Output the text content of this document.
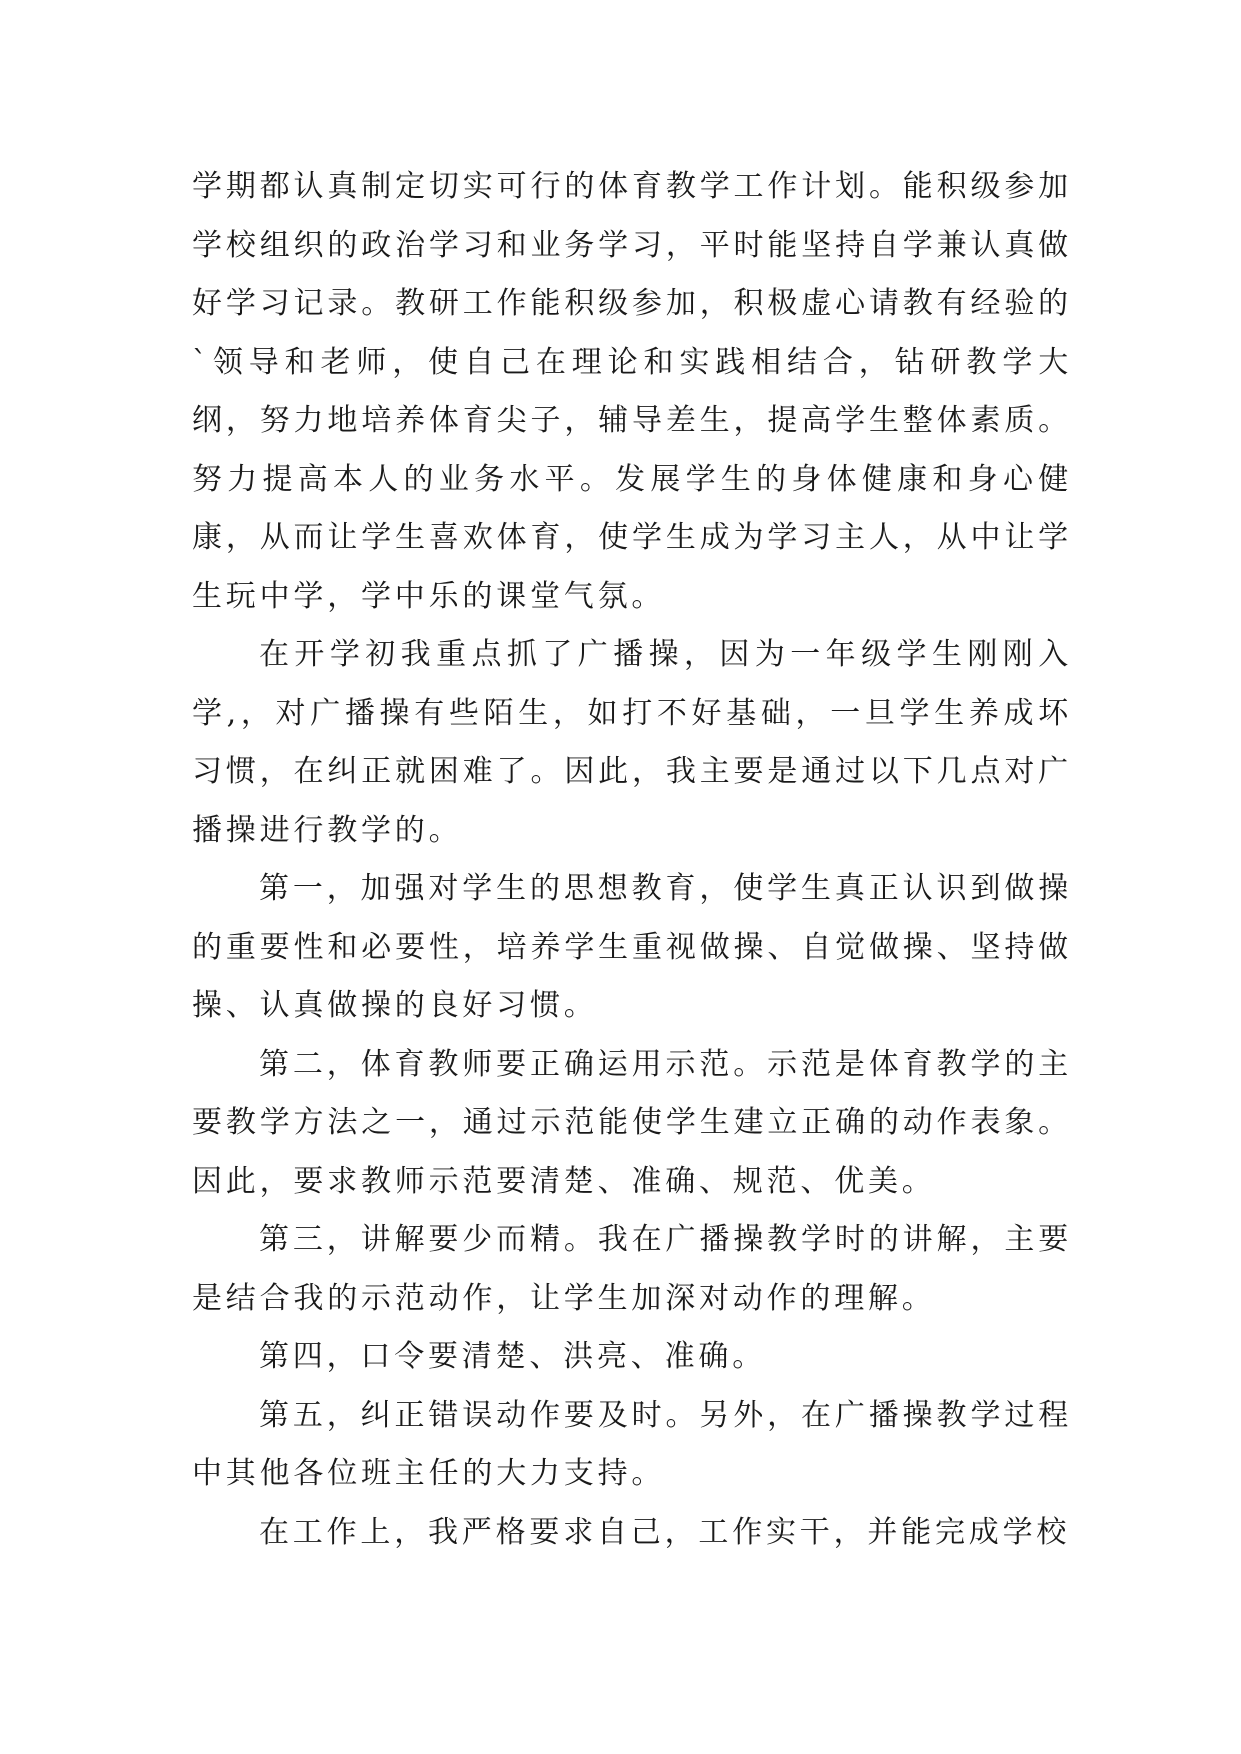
学期都认真制定切实可行的体育教学工作计划。能积级参加学校组织的政治学习和业务学习，平时能坚持自学兼认真做好学习记录。教研工作能积级参加，积极虚心请教有经验的`领导和老师，使自己在理论和实践相结合，钻研教学大纲，努力地培养体育尖子，辅导差生，提高学生整体素质。努力提高本人的业务水平。发展学生的身体健康和身心健康，从而让学生喜欢体育，使学生成为学习主人，从中让学生玩中学，学中乐的课堂气氛。

在开学初我重点抓了广播操，因为一年级学生刚刚入学,，对广播操有些陌生，如打不好基础，一旦学生养成坏习惯，在纠正就困难了。因此，我主要是通过以下几点对广播操进行教学的。

第一，加强对学生的思想教育，使学生真正认识到做操的重要性和必要性，培养学生重视做操、自觉做操、坚持做操、认真做操的良好习惯。

第二，体育教师要正确运用示范。示范是体育教学的主要教学方法之一，通过示范能使学生建立正确的动作表象。因此，要求教师示范要清楚、准确、规范、优美。

第三，讲解要少而精。我在广播操教学时的讲解，主要是结合我的示范动作，让学生加深对动作的理解。

第四，口令要清楚、洪亮、准确。

第五，纠正错误动作要及时。另外，在广播操教学过程中其他各位班主任的大力支持。

在工作上，我严格要求自己，工作实干，并能完成学校
